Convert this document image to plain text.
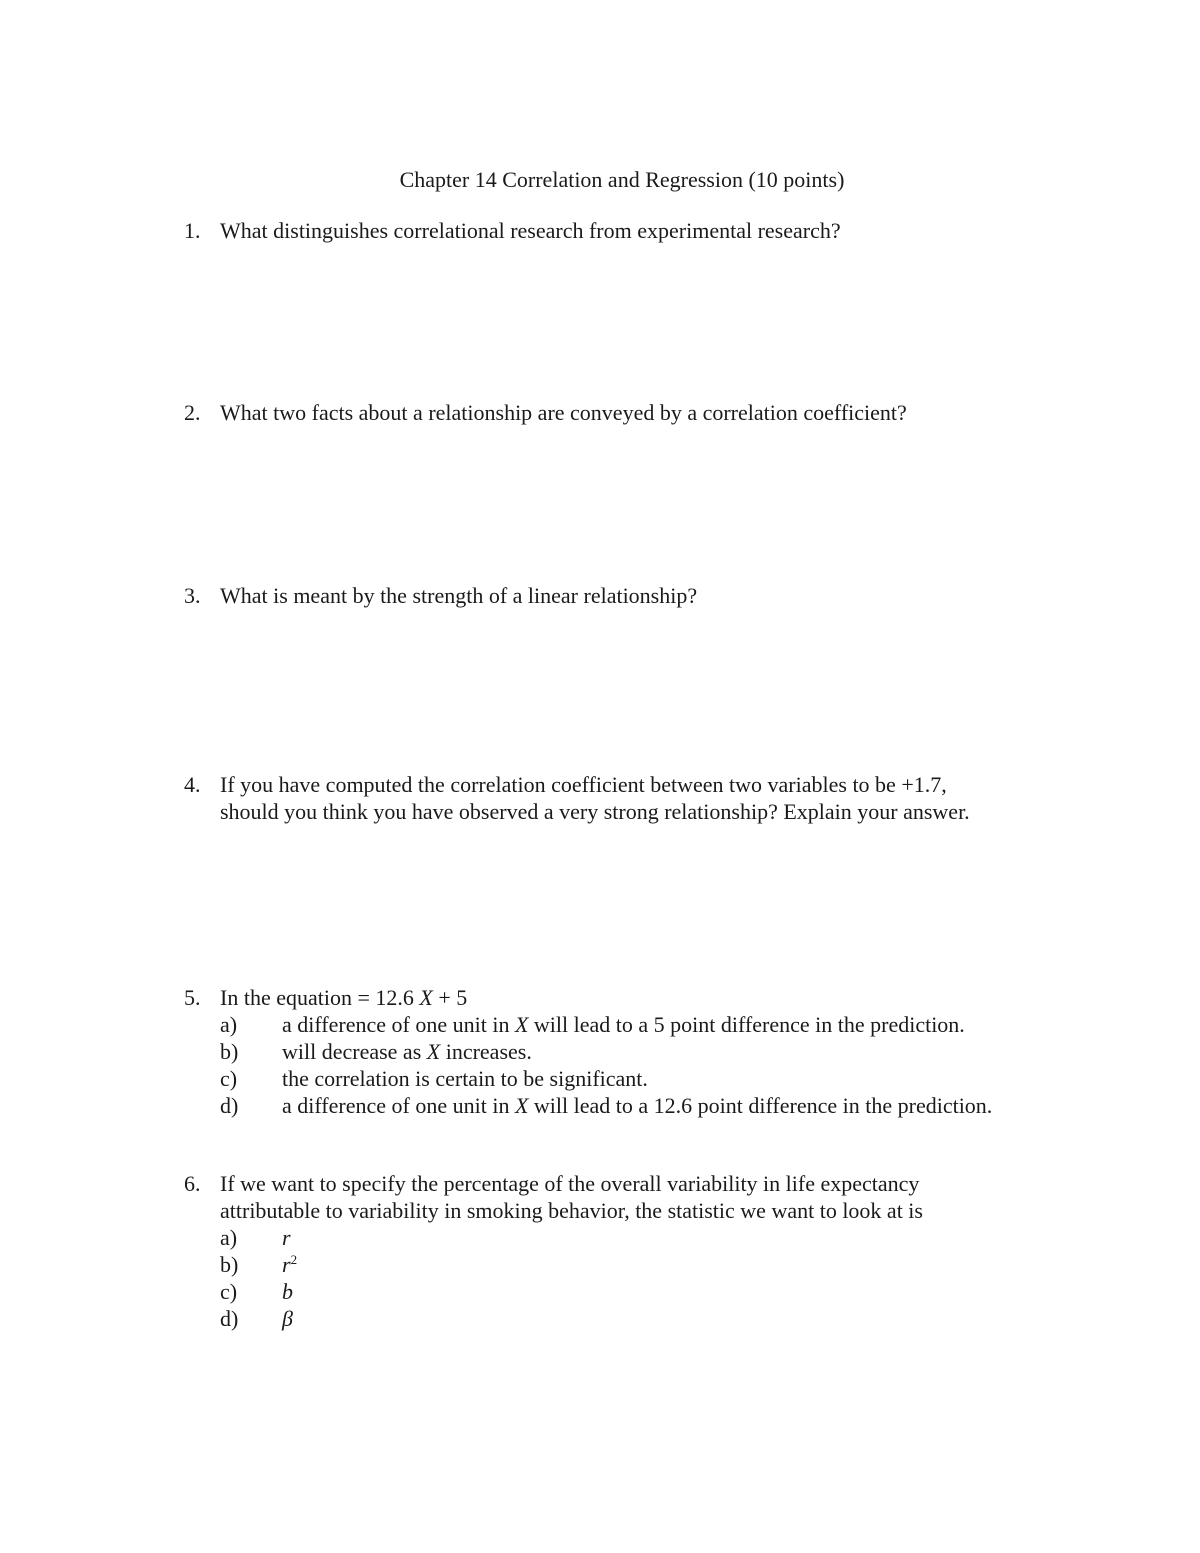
Chapter 14 Correlation and Regression (10 points)
1. What distinguishes correlational research from experimental research?
2. What two facts about a relationship are conveyed by a correlation coefficient?
3. What is meant by the strength of a linear relationship?
4. If you have computed the correlation coefficient between two variables to be +1.7,
should you think you have observed a very strong relationship? Explain your answer.
5. In the equation = 12.6 X + 5
a) a difference of one unit in X will lead to a 5 point difference in the prediction.
b) will decrease as X increases.
c) the correlation is certain to be significant.
d) a difference of one unit in X will lead to a 12.6 point difference in the prediction.
6. If we want to specify the percentage of the overall variability in life expectancy
attributable to variability in smoking behavior, the statistic we want to look at is
a) r
b) $r^2$
c) b
d) β
